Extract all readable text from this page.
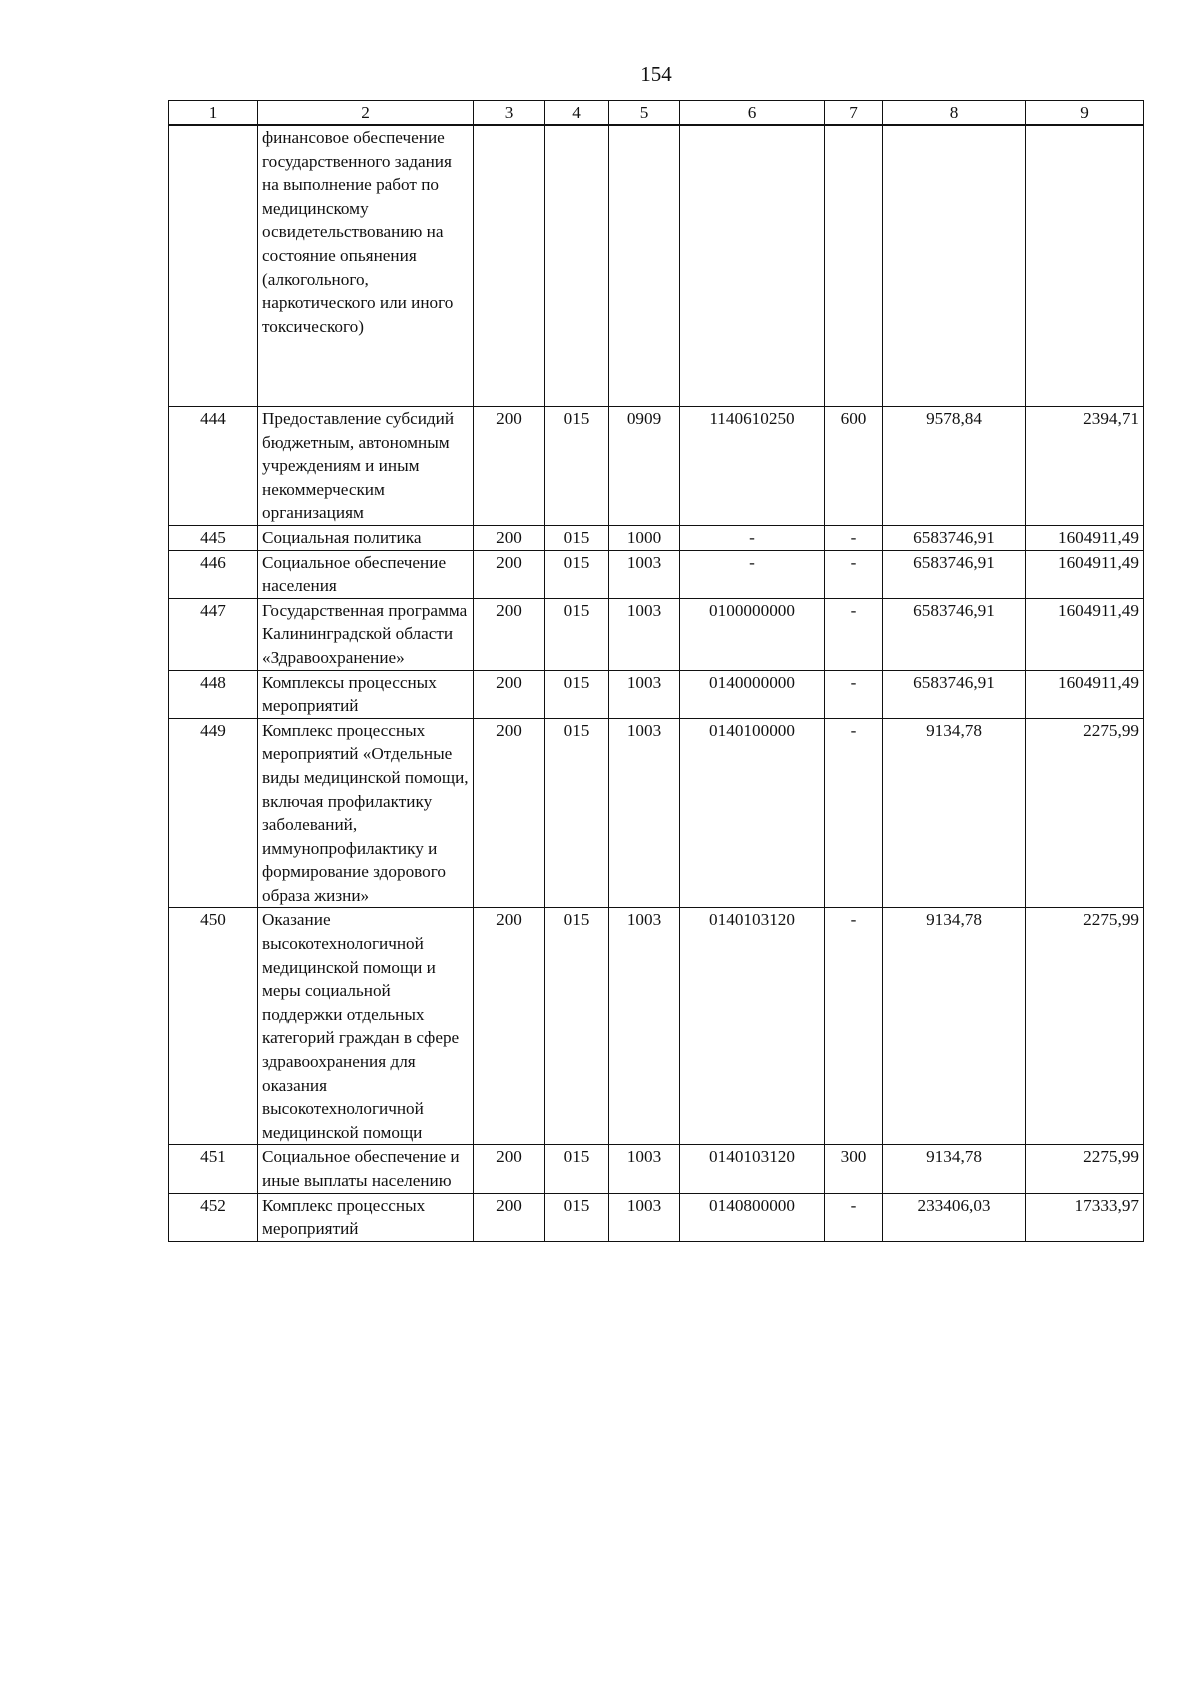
154
1	2	3	4	5	6	7	8	9
	финансовое обеспечение государственного задания на выполнение работ по медицинскому освидетельствованию на состояние опьянения (алкогольного, наркотического или иного токсического)							
444	Предоставление субсидий бюджетным, автономным учреждениям и иным некоммерческим организациям	200	015	0909	1140610250	600	9578,84	2394,71
445	Социальная политика	200	015	1000	-	-	6583746,91	1604911,49
446	Социальное обеспечение населения	200	015	1003	-	-	6583746,91	1604911,49
447	Государственная программа Калининградской области «Здравоохранение»	200	015	1003	0100000000	-	6583746,91	1604911,49
448	Комплексы процессных мероприятий	200	015	1003	0140000000	-	6583746,91	1604911,49
449	Комплекс процессных мероприятий «Отдельные виды медицинской помощи, включая профилактику заболеваний, иммунопрофилактику и формирование здорового образа жизни»	200	015	1003	0140100000	-	9134,78	2275,99
450	Оказание высокотехнологичной медицинской помощи и меры социальной поддержки отдельных категорий граждан в сфере здравоохранения для оказания высокотехнологичной медицинской помощи	200	015	1003	0140103120	-	9134,78	2275,99
451	Социальное обеспечение и иные выплаты населению	200	015	1003	0140103120	300	9134,78	2275,99
452	Комплекс процессных мероприятий	200	015	1003	0140800000	-	233406,03	17333,97
